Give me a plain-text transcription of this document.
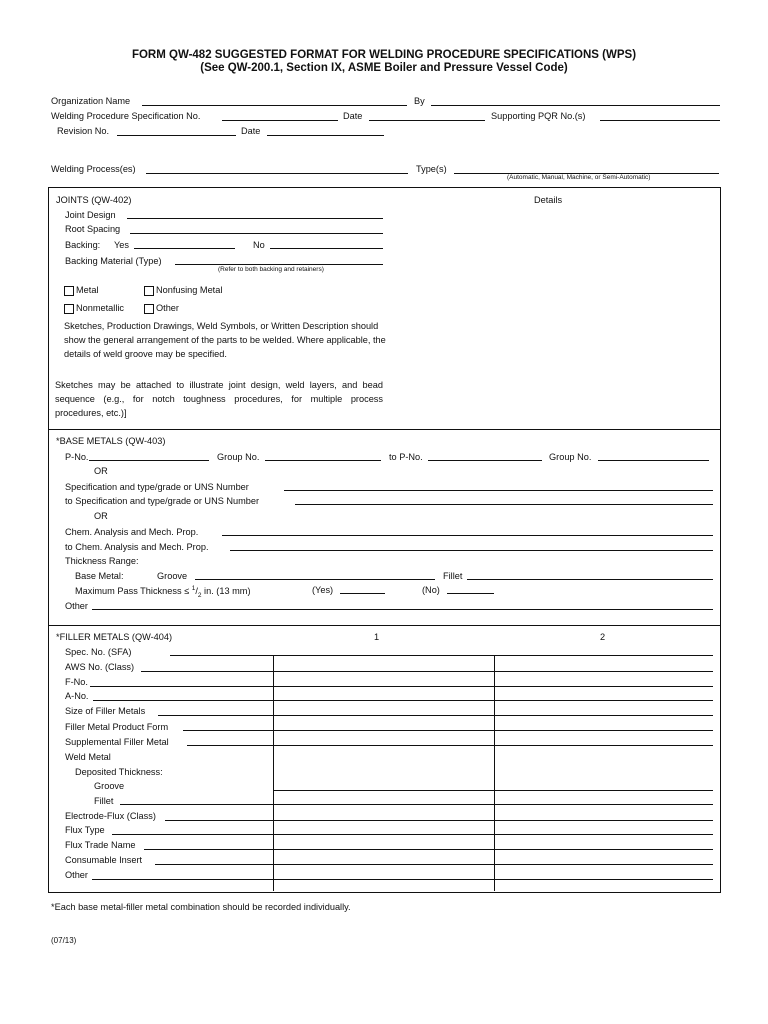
FORM QW-482 SUGGESTED FORMAT FOR WELDING PROCEDURE SPECIFICATIONS (WPS)
(See QW-200.1, Section IX, ASME Boiler and Pressure Vessel Code)
Organization Name	By
Welding Procedure Specification No.	Date	Supporting PQR No.(s)
Revision No.	Date
Welding Process(es)	Type(s)
(Automatic, Manual, Machine, or Semi-Automatic)
JOINTS (QW-402)	Details
Joint Design
Root Spacing
Backing: Yes	No
Backing Material (Type)
(Refer to both backing and retainers)
Metal	Nonfusing Metal
Nonmetallic	Other
Sketches, Production Drawings, Weld Symbols, or Written Description should show the general arrangement of the parts to be welded. Where applicable, the details of weld groove may be specified.
Sketches may be attached to illustrate joint design, weld layers, and bead sequence (e.g., for notch toughness procedures, for multiple process procedures, etc.)]
*BASE METALS (QW-403)
P-No.	Group No.	to P-No.	Group No.
OR
Specification and type/grade or UNS Number
to Specification and type/grade or UNS Number
OR
Chem. Analysis and Mech. Prop.
to Chem. Analysis and Mech. Prop.
Thickness Range:
Base Metal:	Groove	Fillet
Maximum Pass Thickness ≤ $^1/_2$ in. (13 mm)	(Yes)	(No)
Other
*FILLER METALS (QW-404)	1	2
Spec. No. (SFA)
AWS No. (Class)
F-No.
A-No.
Size of Filler Metals
Filler Metal Product Form
Supplemental Filler Metal
Weld Metal
Deposited Thickness:
Groove
Fillet
Electrode-Flux (Class)
Flux Type
Flux Trade Name
Consumable Insert
Other
*Each base metal-filler metal combination should be recorded individually.
(07/13)
